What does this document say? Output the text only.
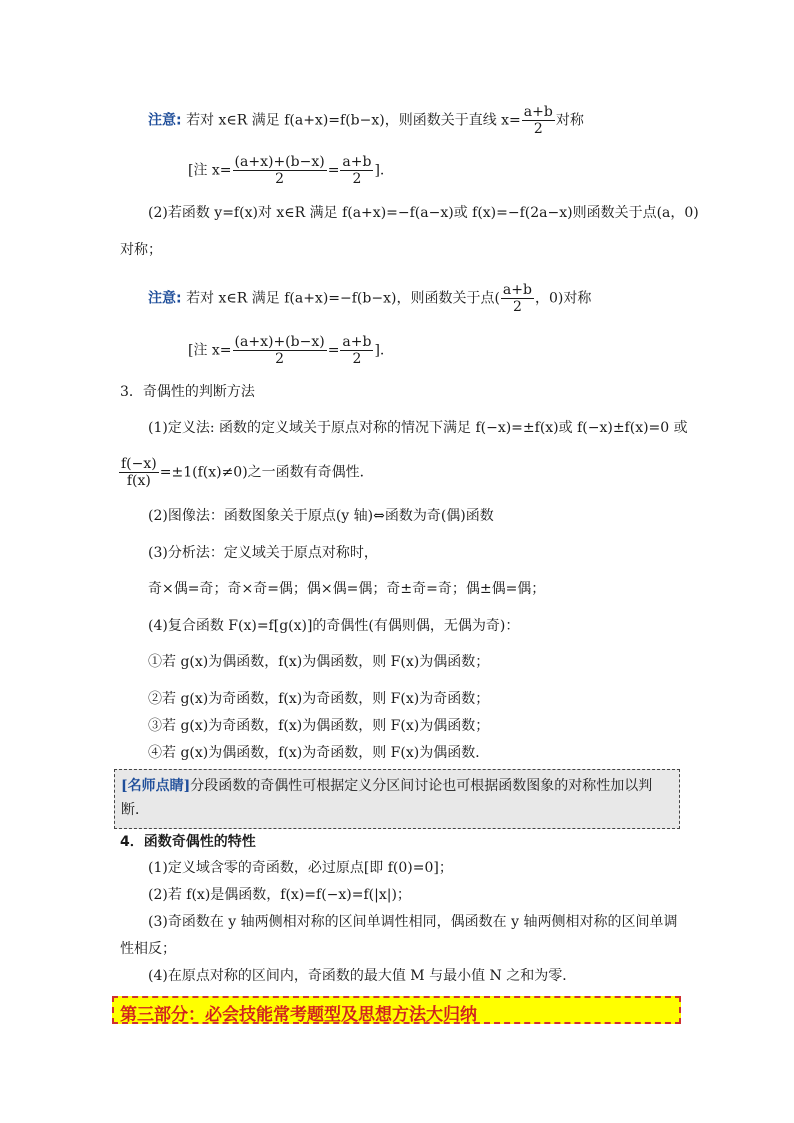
注意: 若对 x∈R 满足 f(a+x)=f(b−x)，则函数关于直线 $x= \frac{a+b}{2}$ 对称
[注 $x= \frac{(a+x)+(b-x)}{2} = \frac{a+b}{2}$ ].
(2)若函数 y=f(x)对 x∈R 满足 f(a+x)=−f(a−x)或 f(x)=−f(2a−x)则函数关于点(a，0)
对称；
注意: 若对 x∈R 满足 f(a+x)=−f(b−x)，则函数关于点( $\frac{a+b}{2}$ ，0)对称
[注 $x= \frac{(a+x)+(b-x)}{2} = \frac{a+b}{2}$ ].
3．奇偶性的判断方法
(1)定义法: 函数的定义域关于原点对称的情况下满足 f(−x)=±f(x)或 f(−x)±f(x)=0 或
$\frac{f(-x)}{f(x)} =\pm 1(f(x)\ne 0)$之一函数有奇偶性．
(2)图像法：函数图象关于原点(y 轴)⇔函数为奇(偶)函数
(3)分析法：定义域关于原点对称时，
奇×偶=奇；奇×奇=偶；偶×偶=偶；奇±奇=奇；偶±偶=偶；
(4)复合函数 F(x)=f[g(x)]的奇偶性(有偶则偶，无偶为奇)：
①若 g(x)为偶函数，f(x)为偶函数，则 F(x)为偶函数；
②若 g(x)为奇函数，f(x)为奇函数，则 F(x)为奇函数；
③若 g(x)为奇函数，f(x)为偶函数，则 F(x)为偶函数；
④若 g(x)为偶函数，f(x)为奇函数，则 F(x)为偶函数．
[名师点睛]分段函数的奇偶性可根据定义分区间讨论也可根据函数图象的对称性加以判断．
4．函数奇偶性的特性
(1)定义域含零的奇函数，必过原点[即 f(0)=0]；
(2)若 f(x)是偶函数，f(x)=f(−x)=f(|x|)；
(3)奇函数在 y 轴两侧相对称的区间单调性相同，偶函数在 y 轴两侧相对称的区间单调
性相反；
(4)在原点对称的区间内，奇函数的最大值 M 与最小值 N 之和为零．
第三部分：必会技能常考题型及思想方法大归纳
